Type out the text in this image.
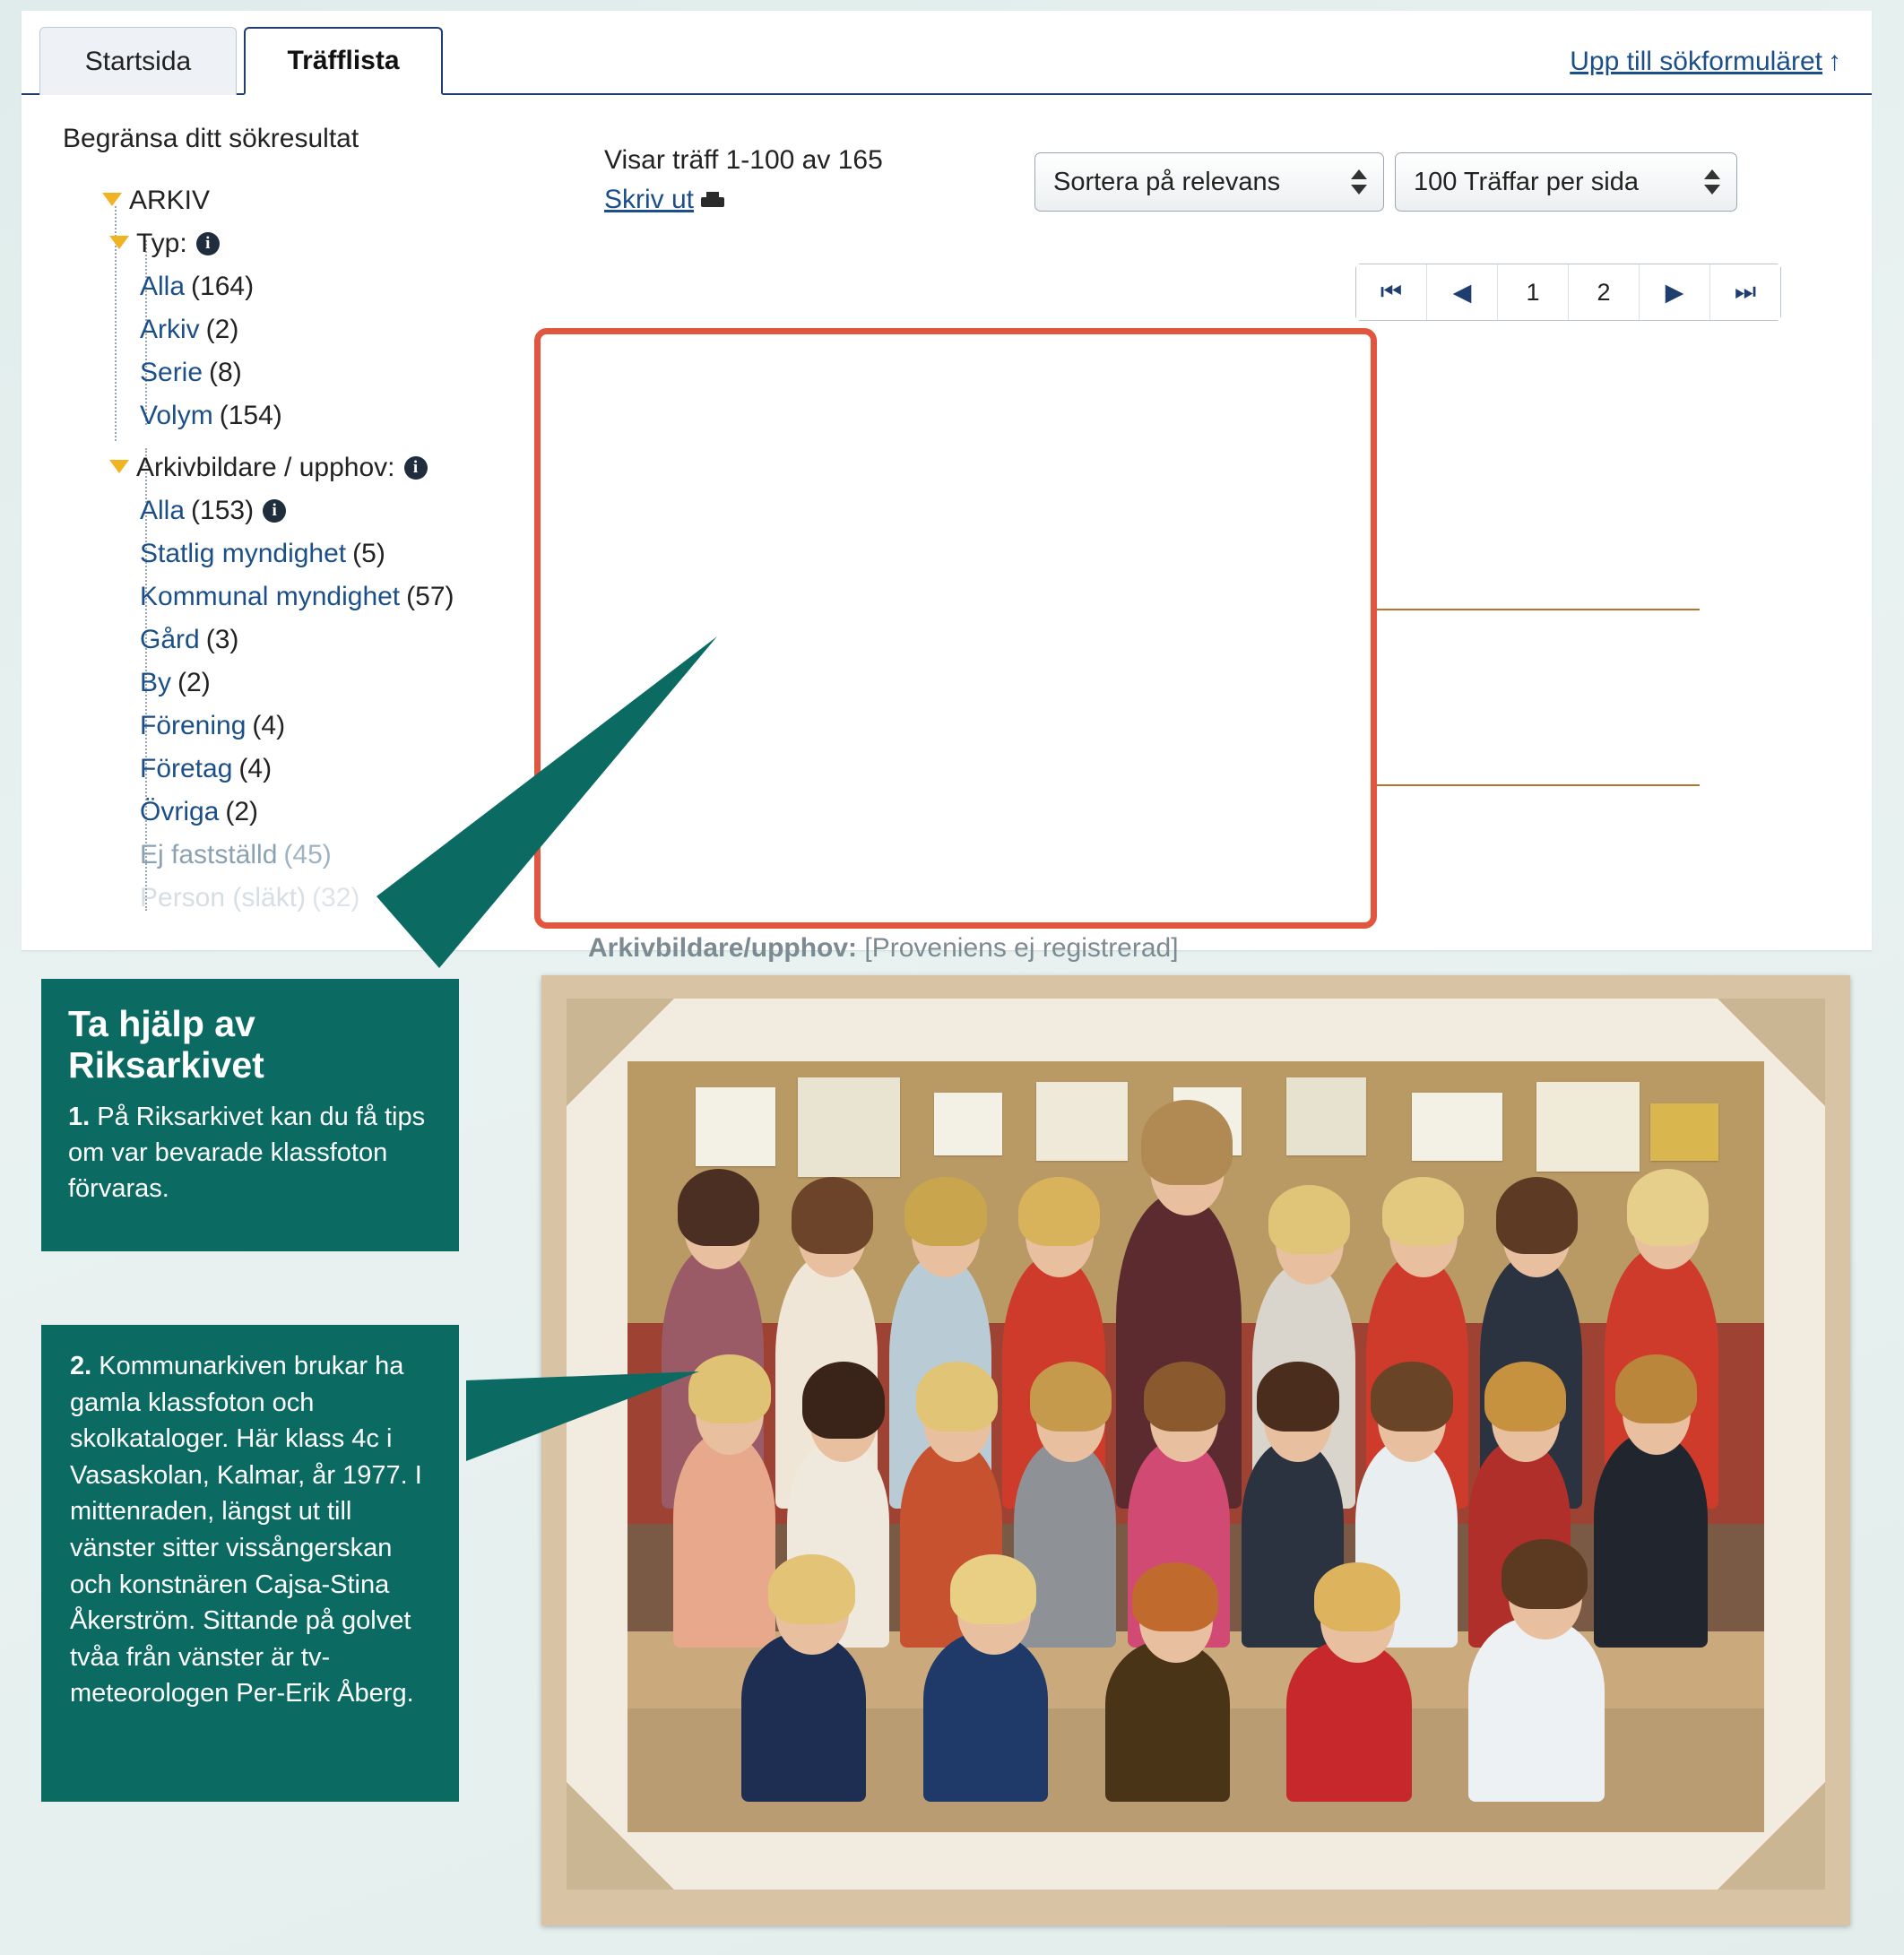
Startsida	Träfflista	Upp till sökformuläret ↑
Begränsa ditt sökresultat
ARKIV
Typ:	i
Alla (164)
Arkiv (2)
Serie (8)
Volym (154)
Arkivbildare / upphov:	i
Alla (153)	i
Statlig myndighet (5)
Kommunal myndighet (57)
Gård (3)
By (2)
Förening (4)
Företag (4)
Övriga (2)
Ej fastställd (45)
Person (släkt) (32)
Visar träff 1-100 av 165
Skriv ut
Sortera på relevans	100 Träffar per sida
⏮	◀	1	2	▶	⏭
Arkivbildare/upphov: [Proveniens ej registrerad]
Ta hjälp av Riksarkivet
1. På Riksarkivet kan du få tips om var bevarade klassfoton förvaras.
2. Kommunarkiven brukar ha gamla klassfoton och skolkataloger. Här klass 4c i Vasaskolan, Kalmar, år 1977. I mittenraden, längst ut till vänster sitter vissångerskan och konstnären Cajsa-Stina Åkerström. Sittande på golvet tvåa från vänster är tv-meteorologen Per-Erik Åberg.
